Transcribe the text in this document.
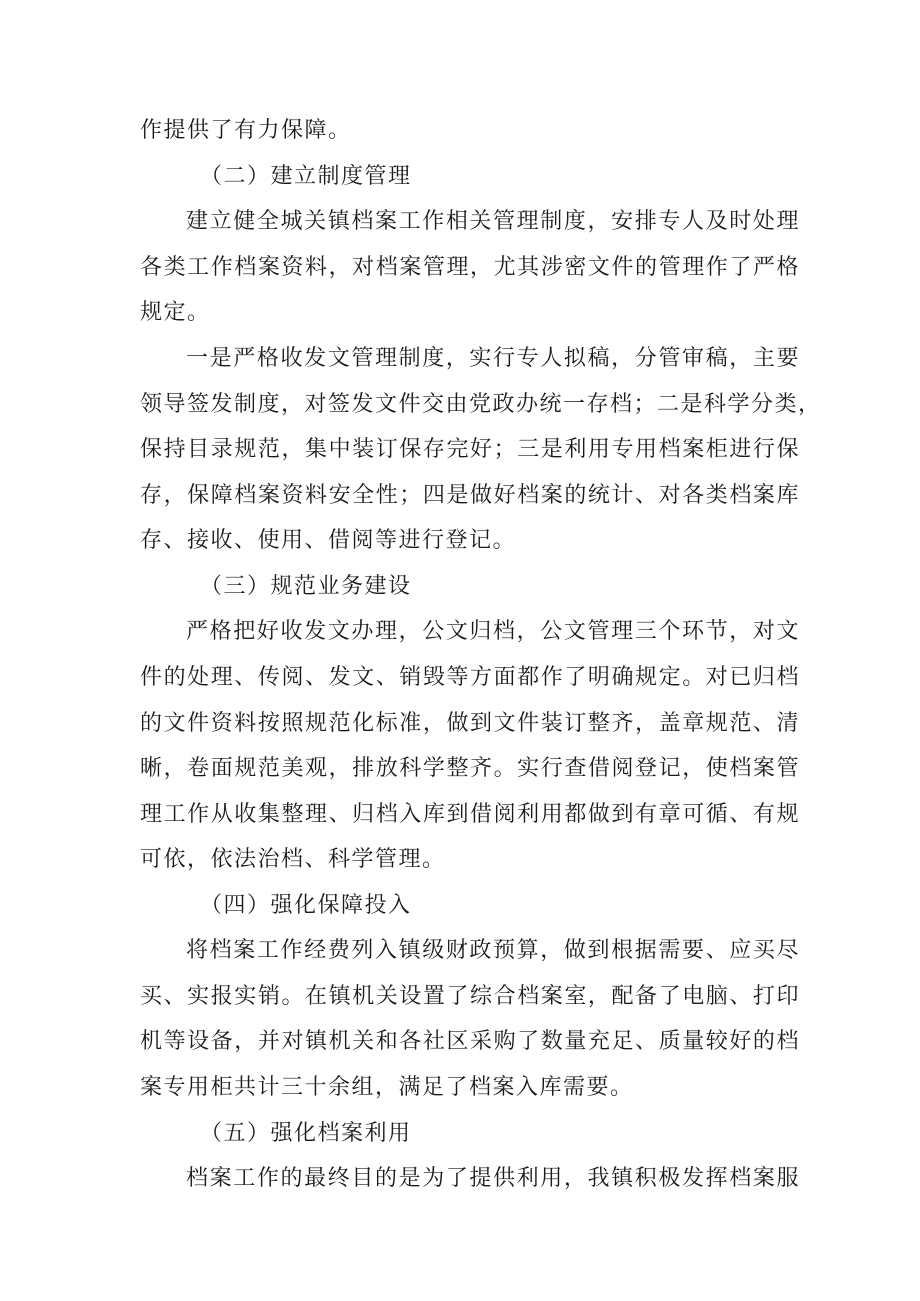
作提供了有力保障。
（二）建立制度管理
建立健全城关镇档案工作相关管理制度，安排专人及时处理
各类工作档案资料，对档案管理，尤其涉密文件的管理作了严格
规定。
一是严格收发文管理制度，实行专人拟稿，分管审稿，主要
领导签发制度，对签发文件交由党政办统一存档；二是科学分类，
保持目录规范，集中装订保存完好；三是利用专用档案柜进行保
存，保障档案资料安全性；四是做好档案的统计、对各类档案库
存、接收、使用、借阅等进行登记。
（三）规范业务建设
严格把好收发文办理，公文归档，公文管理三个环节，对文
件的处理、传阅、发文、销毁等方面都作了明确规定。对已归档
的文件资料按照规范化标准，做到文件装订整齐，盖章规范、清
晰，卷面规范美观，排放科学整齐。实行查借阅登记，使档案管
理工作从收集整理、归档入库到借阅利用都做到有章可循、有规
可依，依法治档、科学管理。
（四）强化保障投入
将档案工作经费列入镇级财政预算，做到根据需要、应买尽
买、实报实销。在镇机关设置了综合档案室，配备了电脑、打印
机等设备，并对镇机关和各社区采购了数量充足、质量较好的档
案专用柜共计三十余组，满足了档案入库需要。
（五）强化档案利用
档案工作的最终目的是为了提供利用，我镇积极发挥档案服
